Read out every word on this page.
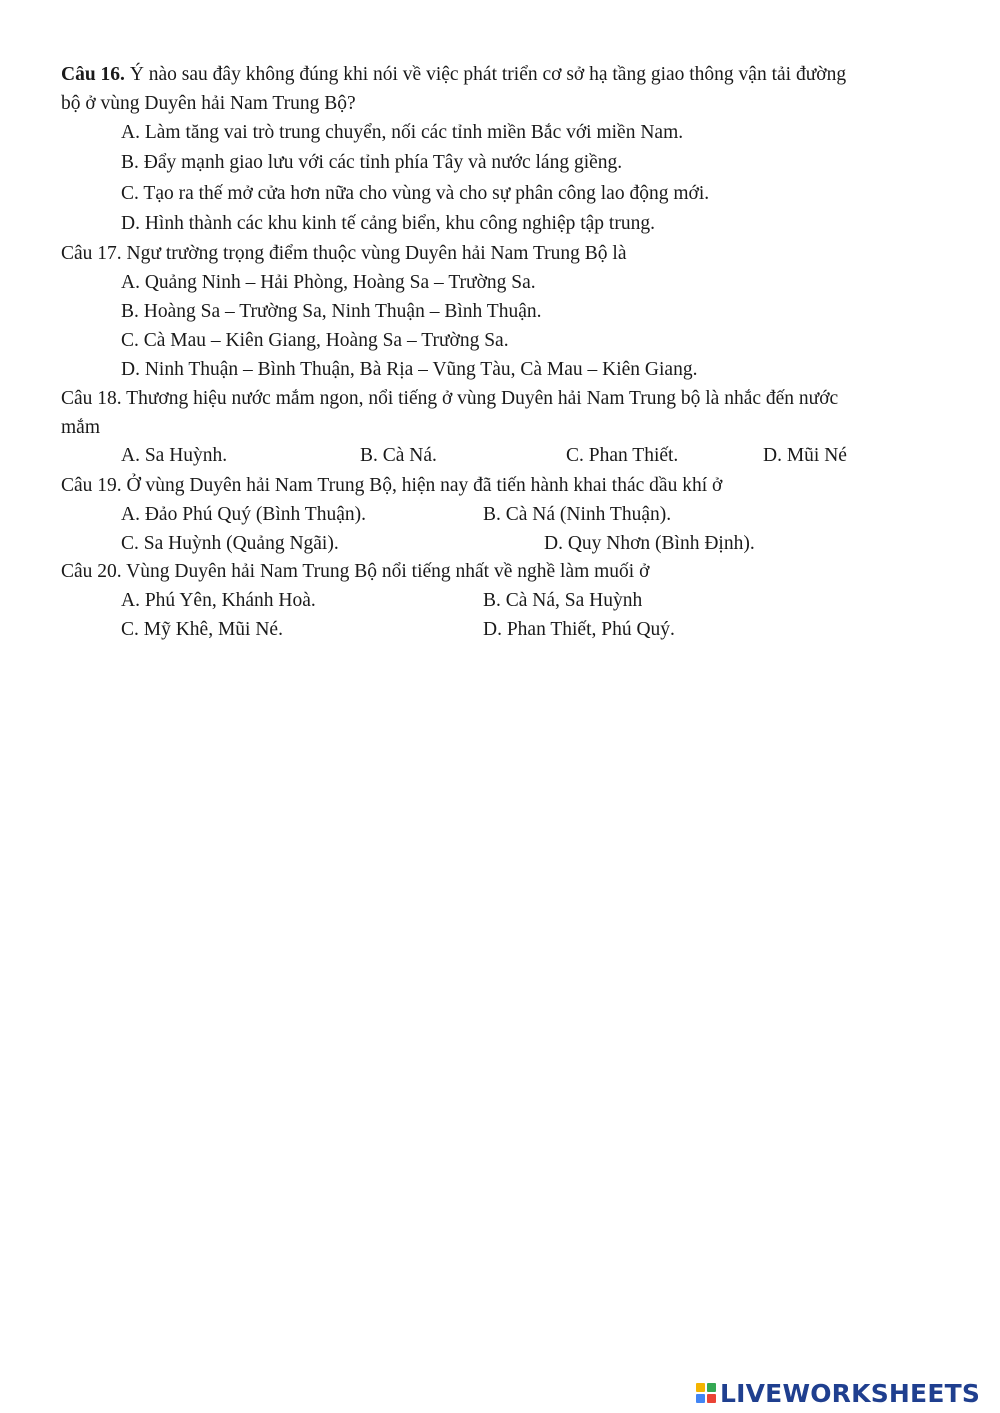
Câu 16. Ý nào sau đây không đúng khi nói về việc phát triển cơ sở hạ tầng giao thông vận tải đường
bộ ở vùng Duyên hải Nam Trung Bộ?
A. Làm tăng vai trò trung chuyển, nối các tỉnh miền Bắc với miền Nam.
B. Đẩy mạnh giao lưu với các tỉnh phía Tây và nước láng giềng.
C. Tạo ra thế mở cửa hơn nữa cho vùng và cho sự phân công lao động mới.
D. Hình thành các khu kinh tế cảng biển, khu công nghiệp tập trung.
Câu 17. Ngư trường trọng điểm thuộc vùng Duyên hải Nam Trung Bộ là
A. Quảng Ninh – Hải Phòng, Hoàng Sa – Trường Sa.
B. Hoàng Sa – Trường Sa, Ninh Thuận – Bình Thuận.
C. Cà Mau – Kiên Giang, Hoàng Sa – Trường Sa.
D. Ninh Thuận – Bình Thuận, Bà Rịa – Vũng Tàu, Cà Mau – Kiên Giang.
Câu 18. Thương hiệu nước mắm ngon, nổi tiếng ở vùng Duyên hải Nam Trung bộ là nhắc đến nước
mắm
A. Sa Huỳnh.	B. Cà Ná.	C. Phan Thiết.	D. Mũi Né
Câu 19. Ở vùng Duyên hải Nam Trung Bộ, hiện nay đã tiến hành khai thác dầu khí ở
A. Đảo Phú Quý (Bình Thuận).	B. Cà Ná (Ninh Thuận).
C. Sa Huỳnh (Quảng Ngãi).	D. Quy Nhơn (Bình Định).
Câu 20. Vùng Duyên hải Nam Trung Bộ nổi tiếng nhất về nghề làm muối ở
A. Phú Yên, Khánh Hoà.	B. Cà Ná, Sa Huỳnh
C. Mỹ Khê, Mũi Né.	D. Phan Thiết, Phú Quý.
LIVEWORKSHEETS
